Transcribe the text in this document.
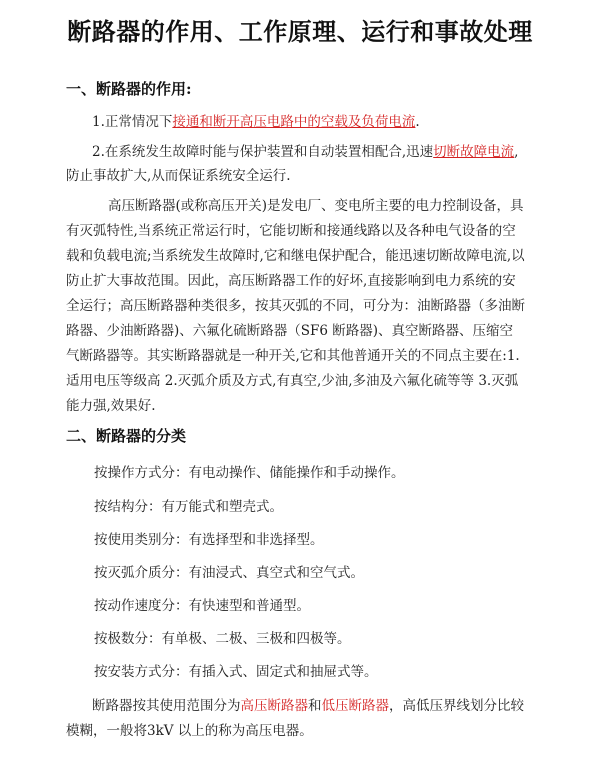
断路器的作用、工作原理、运行和事故处理
一、断路器的作用:
1.正常情况下接通和断开高压电路中的空载及负荷电流.
2.在系统发生故障时能与保护装置和自动装置相配合,迅速切断故障电流,
防止事故扩大,从而保证系统安全运行.
高压断路器(或称高压开关)是发电厂、变电所主要的电力控制设备，具
有灭弧特性,当系统正常运行时，它能切断和接通线路以及各种电气设备的空
载和负载电流;当系统发生故障时,它和继电保护配合，能迅速切断故障电流,以
防止扩大事故范围。因此，高压断路器工作的好坏,直接影响到电力系统的安
全运行；高压断路器种类很多，按其灭弧的不同，可分为：油断路器（多油断
路器、少油断路器)、六氟化硫断路器（SF6 断路器)、真空断路器、压缩空
气断路器等。其实断路器就是一种开关,它和其他普通开关的不同点主要在:1.
适用电压等级高 2.灭弧介质及方式,有真空,少油,多油及六氟化硫等等 3.灭弧
能力强,效果好.
二、断路器的分类
按操作方式分：有电动操作、储能操作和手动操作。
按结构分：有万能式和塑壳式。
按使用类别分：有选择型和非选择型。
按灭弧介质分：有油浸式、真空式和空气式。
按动作速度分：有快速型和普通型。
按极数分：有单极、二极、三极和四极等。
按安装方式分：有插入式、固定式和抽屉式等。
断路器按其使用范围分为高压断路器和低压断路器，高低压界线划分比较
模糊，一般将3kV 以上的称为高压电器。
